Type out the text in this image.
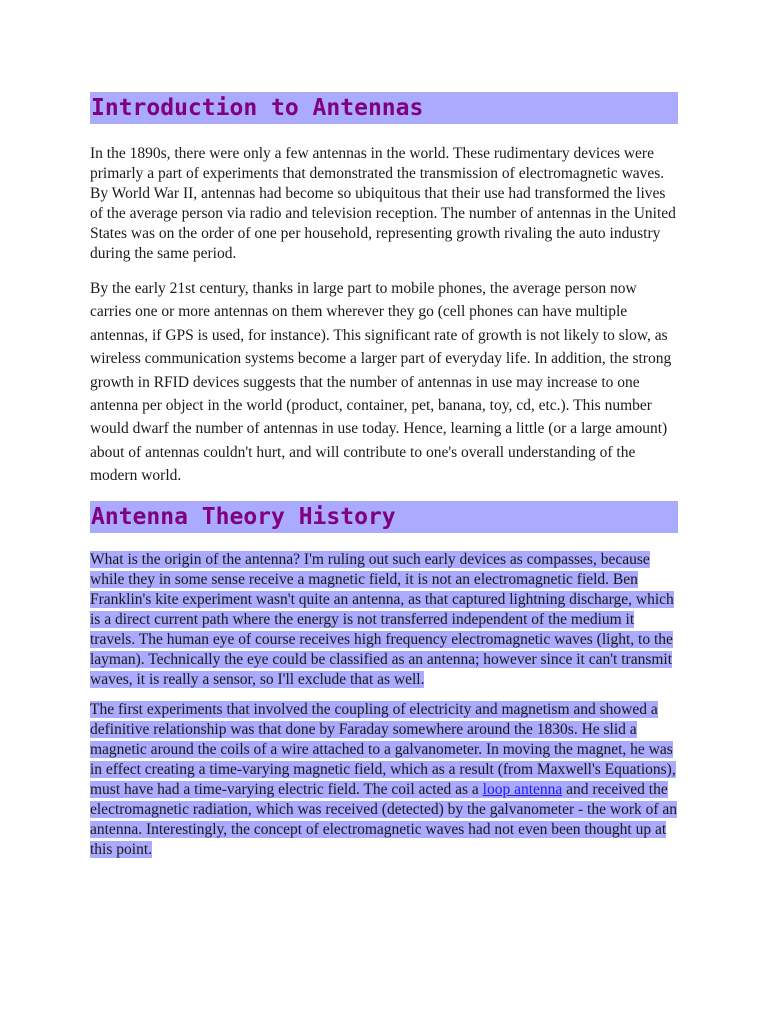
Introduction to Antennas

In the 1890s, there were only a few antennas in the world. These rudimentary devices were primarly a part of experiments that demonstrated the transmission of electromagnetic waves. By World War II, antennas had become so ubiquitous that their use had transformed the lives of the average person via radio and television reception. The number of antennas in the United States was on the order of one per household, representing growth rivaling the auto industry during the same period.

By the early 21st century, thanks in large part to mobile phones, the average person now carries one or more antennas on them wherever they go (cell phones can have multiple antennas, if GPS is used, for instance). This significant rate of growth is not likely to slow, as wireless communication systems become a larger part of everyday life. In addition, the strong growth in RFID devices suggests that the number of antennas in use may increase to one antenna per object in the world (product, container, pet, banana, toy, cd, etc.). This number would dwarf the number of antennas in use today. Hence, learning a little (or a large amount) about of antennas couldn't hurt, and will contribute to one's overall understanding of the modern world.

Antenna Theory History

What is the origin of the antenna? I'm ruling out such early devices as compasses, because while they in some sense receive a magnetic field, it is not an electromagnetic field. Ben Franklin's kite experiment wasn't quite an antenna, as that captured lightning discharge, which is a direct current path where the energy is not transferred independent of the medium it travels. The human eye of course receives high frequency electromagnetic waves (light, to the layman). Technically the eye could be classified as an antenna; however since it can't transmit waves, it is really a sensor, so I'll exclude that as well.

The first experiments that involved the coupling of electricity and magnetism and showed a definitive relationship was that done by Faraday somewhere around the 1830s. He slid a magnetic around the coils of a wire attached to a galvanometer. In moving the magnet, he was in effect creating a time-varying magnetic field, which as a result (from Maxwell's Equations), must have had a time-varying electric field. The coil acted as a loop antenna and received the electromagnetic radiation, which was received (detected) by the galvanometer - the work of an antenna. Interestingly, the concept of electromagnetic waves had not even been thought up at this point.
